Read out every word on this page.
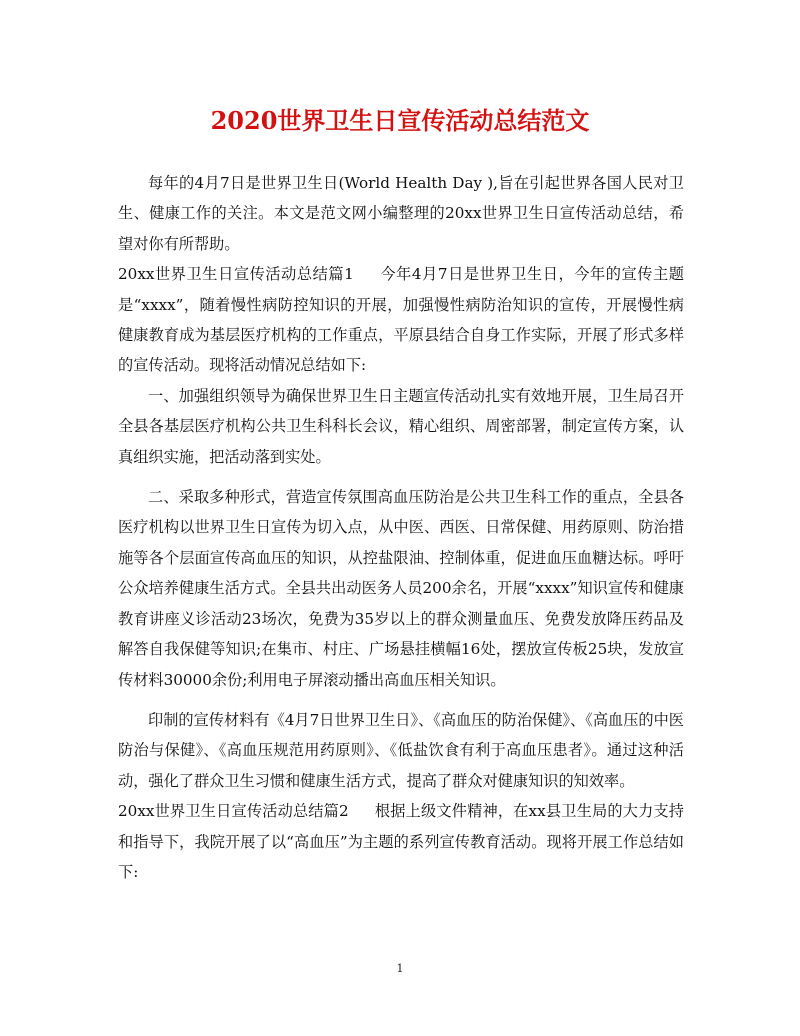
2020世界卫生日宣传活动总结范文

每年的4月7日是世界卫生日(World Health Day ),旨在引起世界各国人民对卫生、健康工作的关注。本文是范文网小编整理的20xx世界卫生日宣传活动总结，希望对你有所帮助。

20xx世界卫生日宣传活动总结篇1 今年4月7日是世界卫生日，今年的宣传主题是“xxxx”，随着慢性病防控知识的开展，加强慢性病防治知识的宣传，开展慢性病健康教育成为基层医疗机构的工作重点，平原县结合自身工作实际，开展了形式多样的宣传活动。现将活动情况总结如下:

一、加强组织领导为确保世界卫生日主题宣传活动扎实有效地开展，卫生局召开全县各基层医疗机构公共卫生科科长会议，精心组织、周密部署，制定宣传方案，认真组织实施，把活动落到实处。

二、采取多种形式，营造宣传氛围高血压防治是公共卫生科工作的重点，全县各医疗机构以世界卫生日宣传为切入点，从中医、西医、日常保健、用药原则、防治措施等各个层面宣传高血压的知识，从控盐限油、控制体重，促进血压血糖达标。呼吁公众培养健康生活方式。全县共出动医务人员200余名，开展“xxxx”知识宣传和健康教育讲座义诊活动23场次，免费为35岁以上的群众测量血压、免费发放降压药品及解答自我保健等知识;在集市、村庄、广场悬挂横幅16处，摆放宣传板25块，发放宣传材料30000余份;利用电子屏滚动播出高血压相关知识。

印制的宣传材料有《4月7日世界卫生日》、《高血压的防治保健》、《高血压的中医防治与保健》、《高血压规范用药原则》、《低盐饮食有利于高血压患者》。通过这种活动，强化了群众卫生习惯和健康生活方式，提高了群众对健康知识的知效率。

20xx世界卫生日宣传活动总结篇2 根据上级文件精神，在xx县卫生局的大力支持和指导下，我院开展了以“高血压”为主题的系列宣传教育活动。现将开展工作总结如下:

1
